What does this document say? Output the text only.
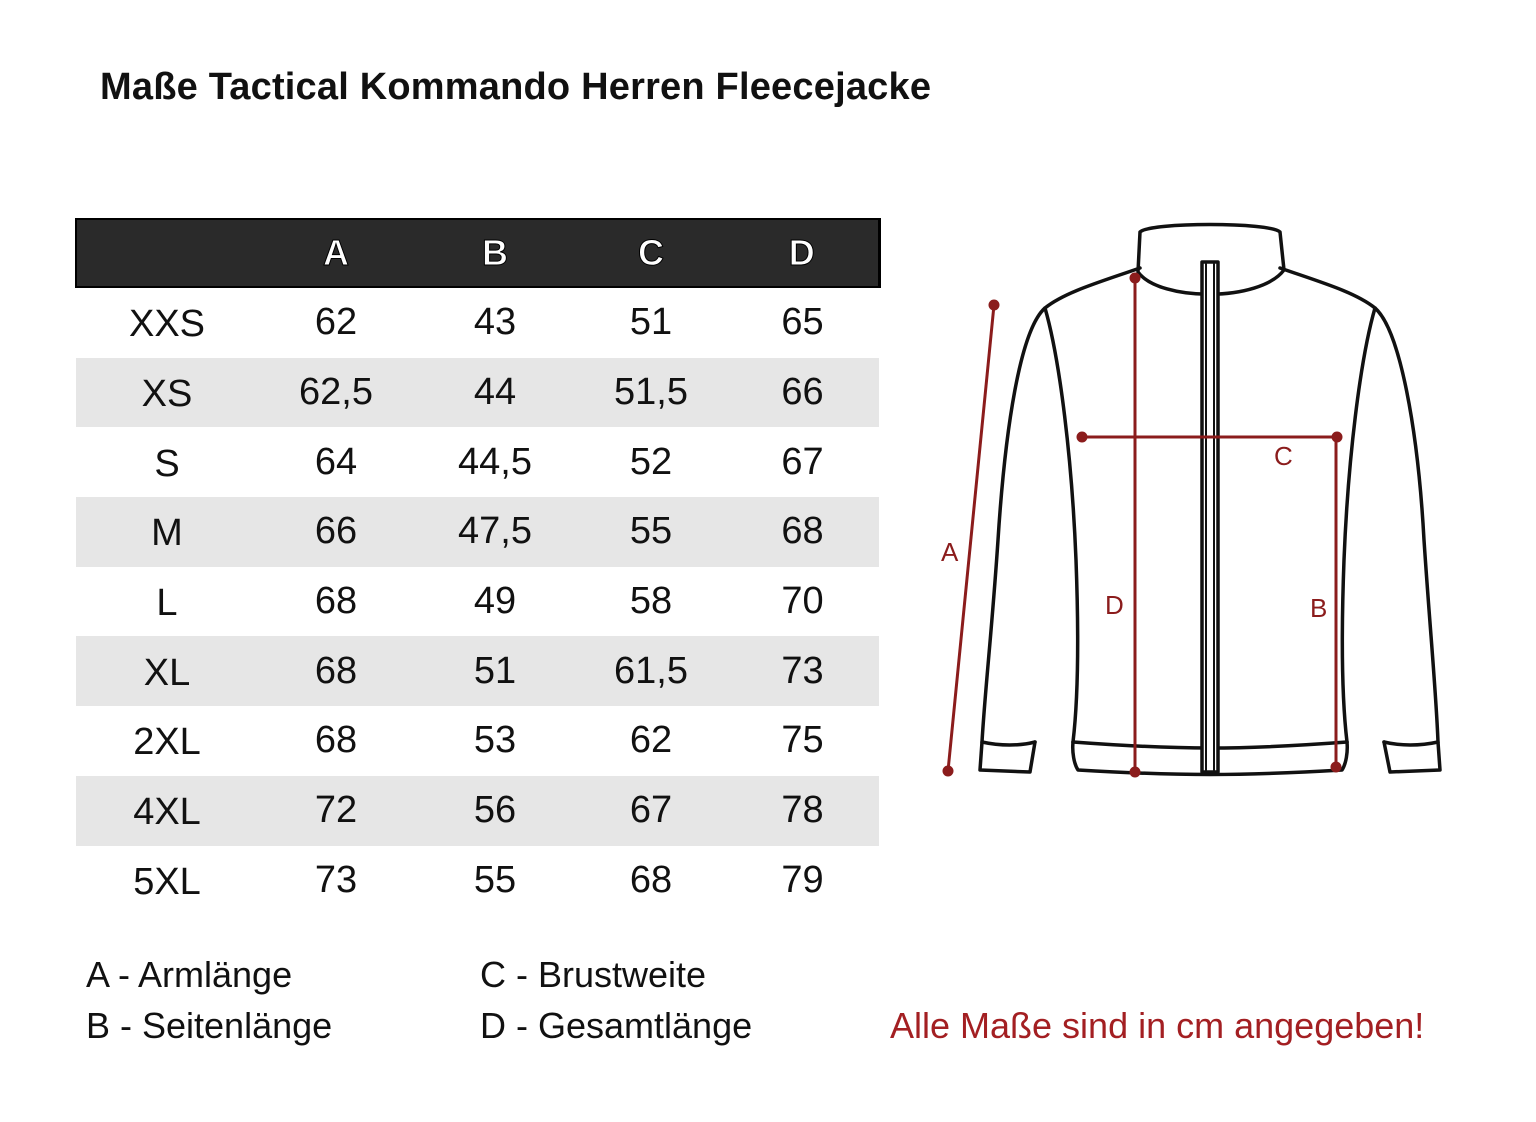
Maße Tactical Kommando Herren Fleecejacke
	A	B	C	D
XXS	62	43	51	65
XS	62,5	44	51,5	66
S	64	44,5	52	67
M	66	47,5	55	68
L	68	49	58	70
XL	68	51	61,5	73
2XL	68	53	62	75
4XL	72	56	67	78
5XL	73	55	68	79
A
C
D	B
A - Armlänge
B - Seitenlänge
C - Brustweite
D - Gesamtlänge	Alle Maße sind in cm angegeben!
